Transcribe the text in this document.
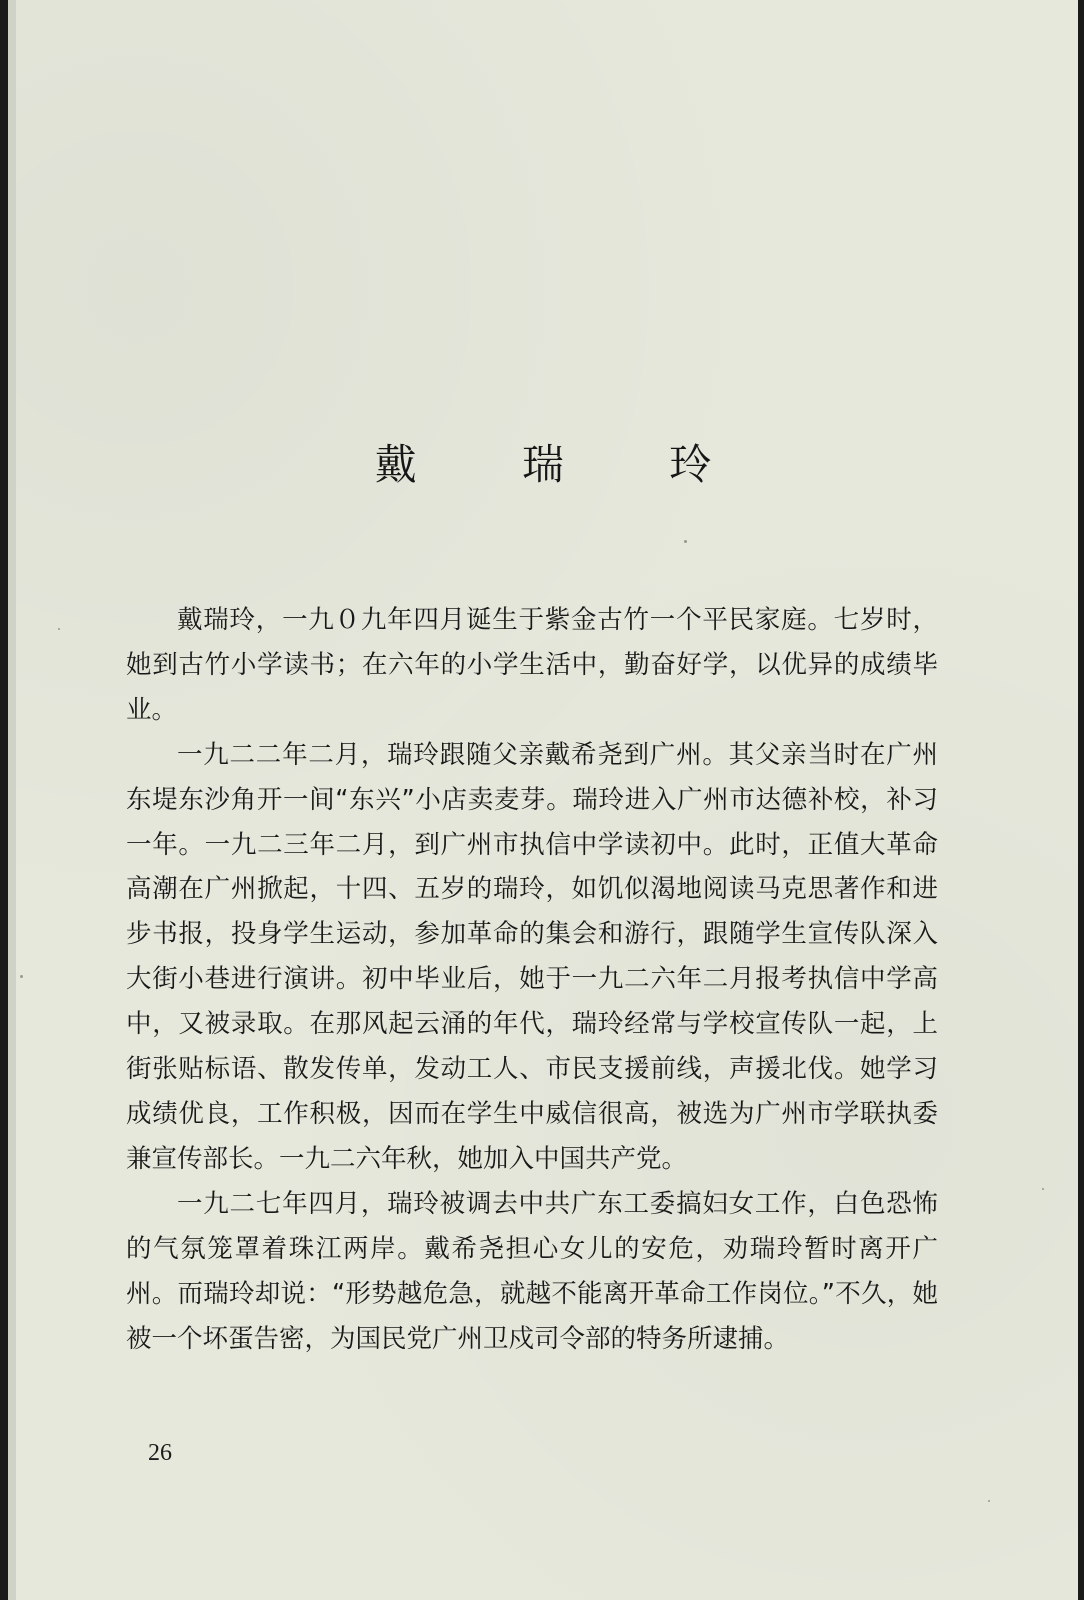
戴 瑞 玲

戴瑞玲，一九０九年四月诞生于紫金古竹一个平民家庭。七岁时，她到古竹小学读书；在六年的小学生活中，勤奋好学，以优异的成绩毕业。

一九二二年二月，瑞玲跟随父亲戴希尧到广州。其父亲当时在广州东堤东沙角开一间“东兴”小店卖麦芽。瑞玲进入广州市达德补校，补习一年。一九二三年二月，到广州市执信中学读初中。此时，正值大革命高潮在广州掀起，十四、五岁的瑞玲，如饥似渴地阅读马克思著作和进步书报，投身学生运动，参加革命的集会和游行，跟随学生宣传队深入大街小巷进行演讲。初中毕业后，她于一九二六年二月报考执信中学高中，又被录取。在那风起云涌的年代，瑞玲经常与学校宣传队一起，上街张贴标语、散发传单，发动工人、市民支援前线，声援北伐。她学习成绩优良，工作积极，因而在学生中威信很高，被选为广州市学联执委兼宣传部长。一九二六年秋，她加入中国共产党。

一九二七年四月，瑞玲被调去中共广东工委搞妇女工作，白色恐怖的气氛笼罩着珠江两岸。戴希尧担心女儿的安危，劝瑞玲暂时离开广州。而瑞玲却说：“形势越危急，就越不能离开革命工作岗位。”不久，她被一个坏蛋告密，为国民党广州卫戍司令部的特务所逮捕。

26
